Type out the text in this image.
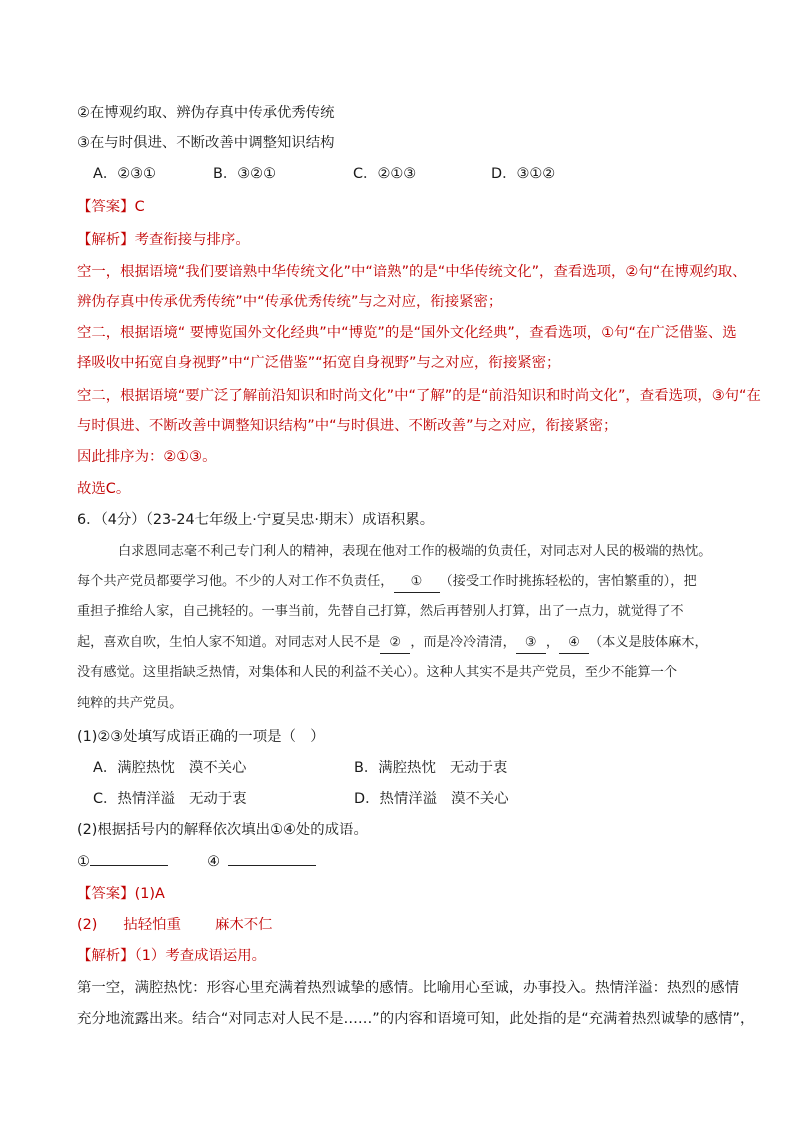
②在博观约取、辨伪存真中传承优秀传统
③在与时俱进、不断改善中调整知识结构
A．②③①	B．③②①	C．②①③	D．③①②
【答案】C
【解析】考查衔接与排序。
空一，根据语境“我们要谙熟中华传统文化”中“谙熟”的是“中华传统文化”，查看选项，②句“在博观约取、
辨伪存真中传承优秀传统”中“传承优秀传统”与之对应，衔接紧密；
空二，根据语境“ 要博览国外文化经典”中“博览”的是“国外文化经典”，查看选项，①句“在广泛借鉴、选
择吸收中拓宽自身视野”中“广泛借鉴”“拓宽自身视野”与之对应，衔接紧密；
空二，根据语境“要广泛了解前沿知识和时尚文化”中“了解”的是“前沿知识和时尚文化”，查看选项，③句“在
与时俱进、不断改善中调整知识结构”中“与时俱进、不断改善”与之对应，衔接紧密；
因此排序为：②①③。
故选C。
6．（4分）（23-24七年级上·宁夏吴忠·期末）成语积累。
白求恩同志毫不利己专门利人的精神，表现在他对工作的极端的负责任，对同志对人民的极端的热忱。
每个共产党员都要学习他。不少的人对工作不负责任， ① （接受工作时挑拣轻松的，害怕繁重的），把
重担子推给人家，自己挑轻的。一事当前，先替自己打算，然后再替别人打算，出了一点力，就觉得了不
起，喜欢自吹，生怕人家不知道。对同志对人民不是 ② ，而是冷冷清清， ③ ， ④ （本义是肢体麻木，
没有感觉。这里指缺乏热情，对集体和人民的利益不关心）。这种人其实不是共产党员，至少不能算一个
纯粹的共产党员。
(1)②③处填写成语正确的一项是（　）
A．满腔热忱 漠不关心	B．满腔热忱 无动于衷
C．热情洋溢 无动于衷	D．热情洋溢 漠不关心
(2)根据括号内的解释依次填出①④处的成语。
①	④
【答案】(1)A
(2) 拈轻怕重 麻木不仁
【解析】（1）考查成语运用。
第一空，满腔热忱：形容心里充满着热烈诚挚的感情。比喻用心至诚，办事投入。热情洋溢：热烈的感情
充分地流露出来。结合“对同志对人民不是……”的内容和语境可知，此处指的是“充满着热烈诚挚的感情”，
